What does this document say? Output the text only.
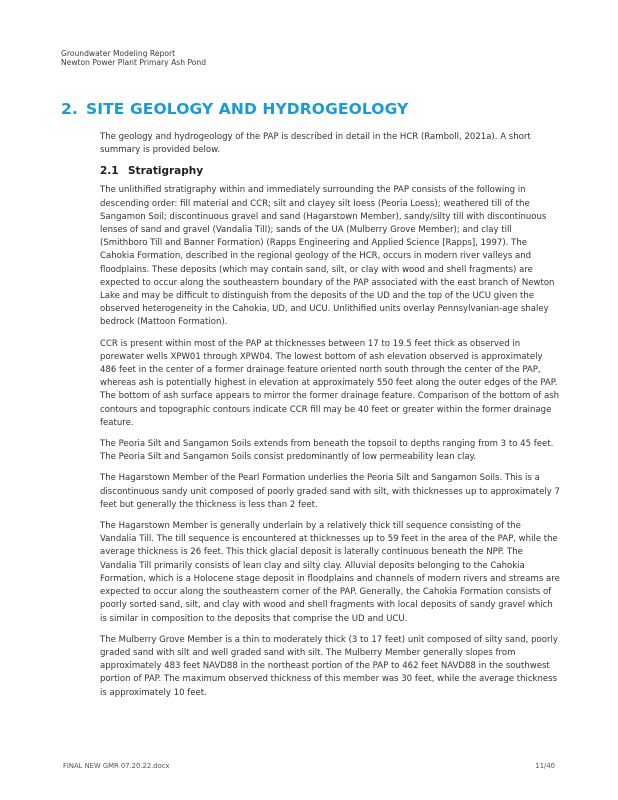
Groundwater Modeling Report
Newton Power Plant Primary Ash Pond
2. SITE GEOLOGY AND HYDROGEOLOGY

The geology and hydrogeology of the PAP is described in detail in the HCR (Ramboll, 2021a). A short summary is provided below.

2.1 Stratigraphy

The unlithified stratigraphy within and immediately surrounding the PAP consists of the following in descending order: fill material and CCR; silt and clayey silt loess (Peoria Loess); weathered till of the Sangamon Soil; discontinuous gravel and sand (Hagarstown Member), sandy/silty till with discontinuous lenses of sand and gravel (Vandalia Till); sands of the UA (Mulberry Grove Member); and clay till (Smithboro Till and Banner Formation) (Rapps Engineering and Applied Science [Rapps], 1997). The Cahokia Formation, described in the regional geology of the HCR, occurs in modern river valleys and floodplains. These deposits (which may contain sand, silt, or clay with wood and shell fragments) are expected to occur along the southeastern boundary of the PAP associated with the east branch of Newton Lake and may be difficult to distinguish from the deposits of the UD and the top of the UCU given the observed heterogeneity in the Cahokia, UD, and UCU. Unlithified units overlay Pennsylvanian-age shaley bedrock (Mattoon Formation).

CCR is present within most of the PAP at thicknesses between 17 to 19.5 feet thick as observed in porewater wells XPW01 through XPW04. The lowest bottom of ash elevation observed is approximately 486 feet in the center of a former drainage feature oriented north south through the center of the PAP, whereas ash is potentially highest in elevation at approximately 550 feet along the outer edges of the PAP. The bottom of ash surface appears to mirror the former drainage feature. Comparison of the bottom of ash contours and topographic contours indicate CCR fill may be 40 feet or greater within the former drainage feature.

The Peoria Silt and Sangamon Soils extends from beneath the topsoil to depths ranging from 3 to 45 feet. The Peoria Silt and Sangamon Soils consist predominantly of low permeability lean clay.

The Hagarstown Member of the Pearl Formation underlies the Peoria Silt and Sangamon Soils. This is a discontinuous sandy unit composed of poorly graded sand with silt, with thicknesses up to approximately 7 feet but generally the thickness is less than 2 feet.

The Hagarstown Member is generally underlain by a relatively thick till sequence consisting of the Vandalia Till. The till sequence is encountered at thicknesses up to 59 feet in the area of the PAP, while the average thickness is 26 feet. This thick glacial deposit is laterally continuous beneath the NPP. The Vandalia Till primarily consists of lean clay and silty clay. Alluvial deposits belonging to the Cahokia Formation, which is a Holocene stage deposit in floodplains and channels of modern rivers and streams are expected to occur along the southeastern corner of the PAP. Generally, the Cahokia Formation consists of poorly sorted sand, silt, and clay with wood and shell fragments with local deposits of sandy gravel which is similar in composition to the deposits that comprise the UD and UCU.

The Mulberry Grove Member is a thin to moderately thick (3 to 17 feet) unit composed of silty sand, poorly graded sand with silt and well graded sand with silt. The Mulberry Member generally slopes from approximately 483 feet NAVD88 in the northeast portion of the PAP to 462 feet NAVD88 in the southwest portion of PAP. The maximum observed thickness of this member was 30 feet, while the average thickness is approximately 10 feet.

FINAL NEW GMR 07.20.22.docx	11/40
